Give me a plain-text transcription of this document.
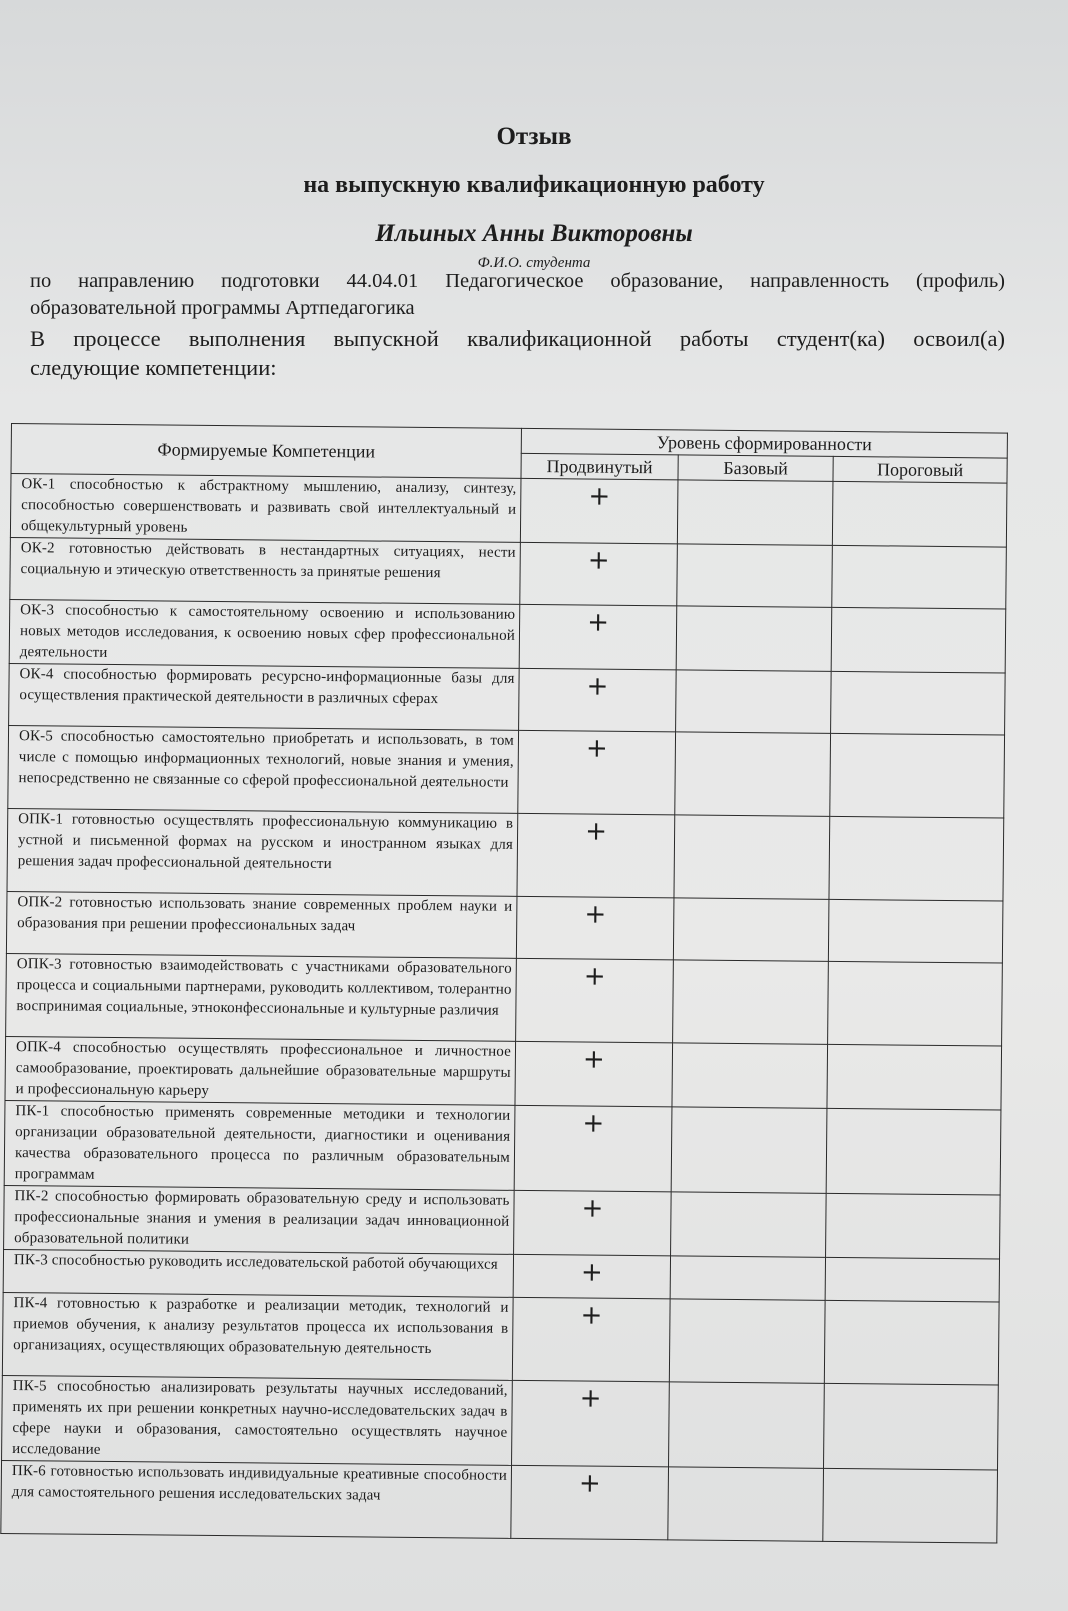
Отзыв
на выпускную квалификационную работу
Ильиных Анны Викторовны
Ф.И.О. студента
по направлению подготовки 44.04.01 Педагогическое образование, направленность (профиль)
образовательной программы Артпедагогика
В процессе выполнения выпускной квалификационной работы студент(ка) освоил(а)
следующие компетенции:
Формируемые Компетенции	Уровень сформированности		
	Продвинутый	Базовый	Пороговый
ОК-1 способностью к абстрактному мышлению, анализу, синтезу, способностью совершенствовать и развивать свой интеллектуальный и общекультурный уровень	+		
ОК-2 готовностью действовать в нестандартных ситуациях, нести социальную и этическую ответственность за принятые решения	+		
ОК-3 способностью к самостоятельному освоению и использованию новых методов исследования, к освоению новых сфер профессиональной деятельности	+		
ОК-4 способностью формировать ресурсно-информационные базы для осуществления практической деятельности в различных сферах	+		
ОК-5 способностью самостоятельно приобретать и использовать, в том числе с помощью информационных технологий, новые знания и умения, непосредственно не связанные со сферой профессиональной деятельности	+		
ОПК-1 готовностью осуществлять профессиональную коммуникацию в устной и письменной формах на русском и иностранном языках для решения задач профессиональной деятельности	+		
ОПК-2 готовностью использовать знание современных проблем науки и образования при решении профессиональных задач	+		
ОПК-3 готовностью взаимодействовать с участниками образовательного процесса и социальными партнерами, руководить коллективом, толерантно воспринимая социальные, этноконфессиональные и культурные различия	+		
ОПК-4 способностью осуществлять профессиональное и личностное самообразование, проектировать дальнейшие образовательные маршруты и профессиональную карьеру	+		
ПК-1 способностью применять современные методики и технологии организации образовательной деятельности, диагностики и оценивания качества образовательного процесса по различным образовательным программам	+		
ПК-2 способностью формировать образовательную среду и использовать профессиональные знания и умения в реализации задач инновационной образовательной политики	+		
ПК-3 способностью руководить исследовательской работой обучающихся	+		
ПК-4 готовностью к разработке и реализации методик, технологий и приемов обучения, к анализу результатов процесса их использования в организациях, осуществляющих образовательную деятельность	+		
ПК-5 способностью анализировать результаты научных исследований, применять их при решении конкретных научно-исследовательских задач в сфере науки и образования, самостоятельно осуществлять научное исследование	+		
ПК-6 готовностью использовать индивидуальные креативные способности для самостоятельного решения исследовательских задач	+		
